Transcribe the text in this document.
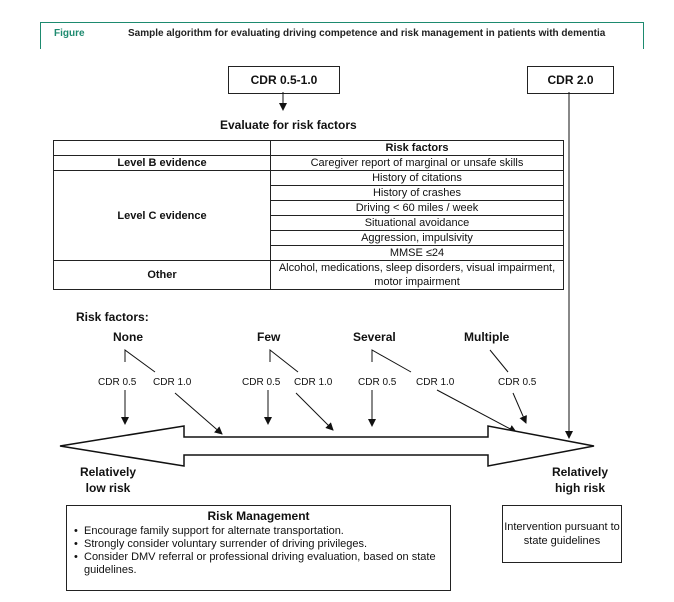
Figure	Sample algorithm for evaluating driving competence and risk management in patients with dementia
CDR 0.5-1.0	CDR 2.0
Evaluate for risk factors
	Risk factors
Level B evidence	Caregiver report of marginal or unsafe skills
Level C evidence	History of citations
	History of crashes
	Driving < 60 miles / week
	Situational avoidance
	Aggression, impulsivity
	MMSE ≤24
Other	Alcohol, medications, sleep disorders, visual impairment, motor impairment
Risk factors:
None	Few	Several	Multiple
CDR 0.5 CDR 1.0	CDR 0.5 CDR 1.0	CDR 0.5 CDR 1.0	CDR 0.5
Relatively
low risk
Relatively
high risk
Risk Management
• Encourage family support for alternate transportation.
• Strongly consider voluntary surrender of driving privileges.
• Consider DMV referral or professional driving evaluation, based on state guidelines.
Intervention pursuant to state guidelines
